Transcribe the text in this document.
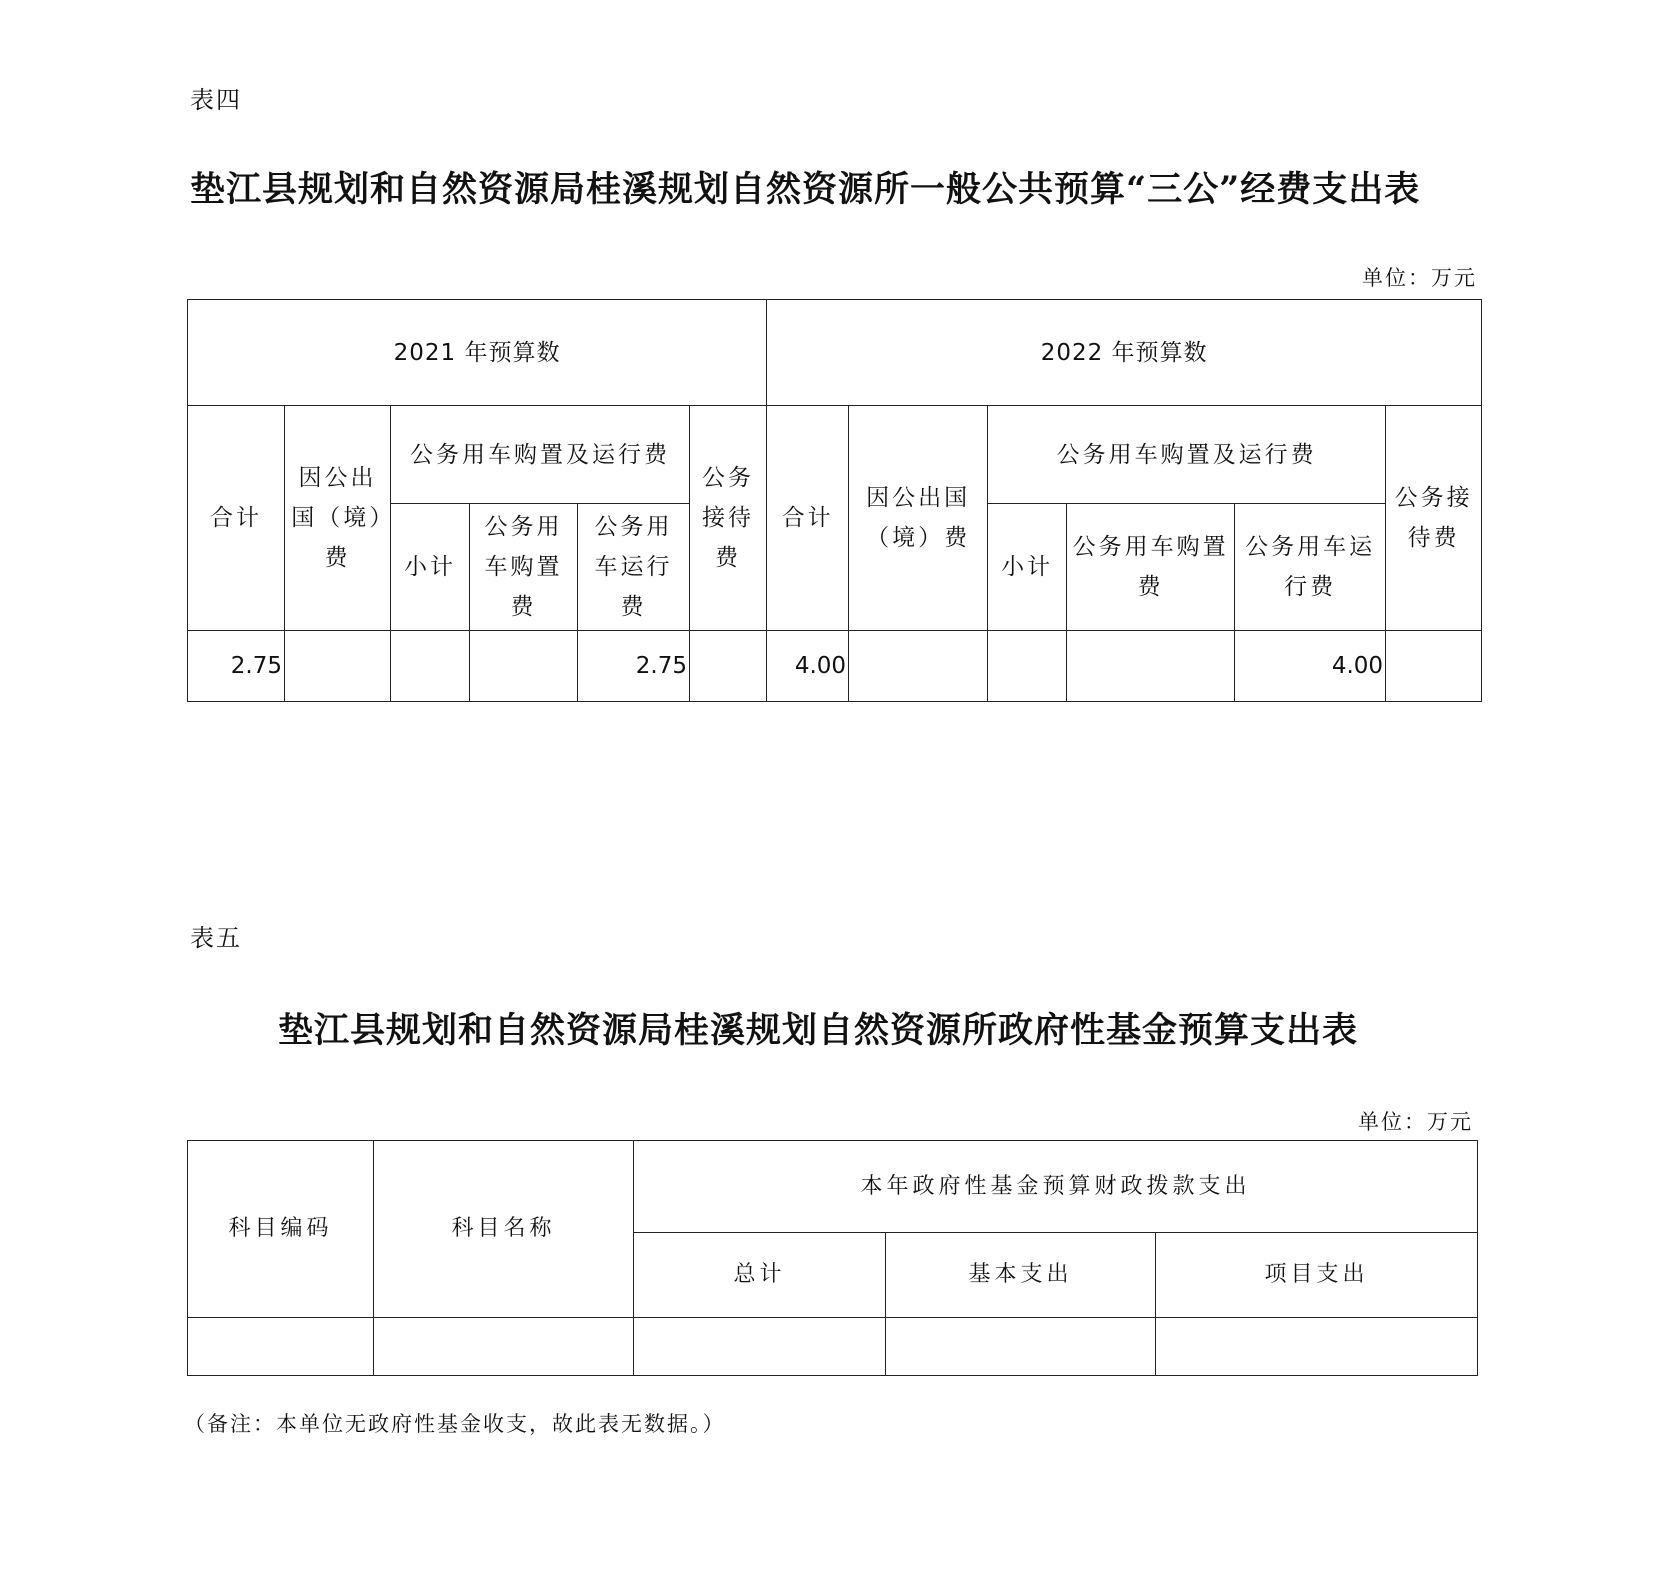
表四
垫江县规划和自然资源局桂溪规划自然资源所一般公共预算“三公”经费支出表
单位：万元
2021 年预算数						2022 年预算数					
合计	因公出国（境）费	公务用车购置及运行费			公务接待费	合计	因公出国（境）费	公务用车购置及运行费			公务接待费
		小计	公务用车购置费	公务用车运行费				小计	公务用车购置费	公务用车运行费	
2.75				2.75		4.00				4.00	
表五
垫江县规划和自然资源局桂溪规划自然资源所政府性基金预算支出表
单位：万元
科目编码	科目名称	本年政府性基金预算财政拨款支出		
		总计	基本支出	项目支出

（备注：本单位无政府性基金收支，故此表无数据。）
